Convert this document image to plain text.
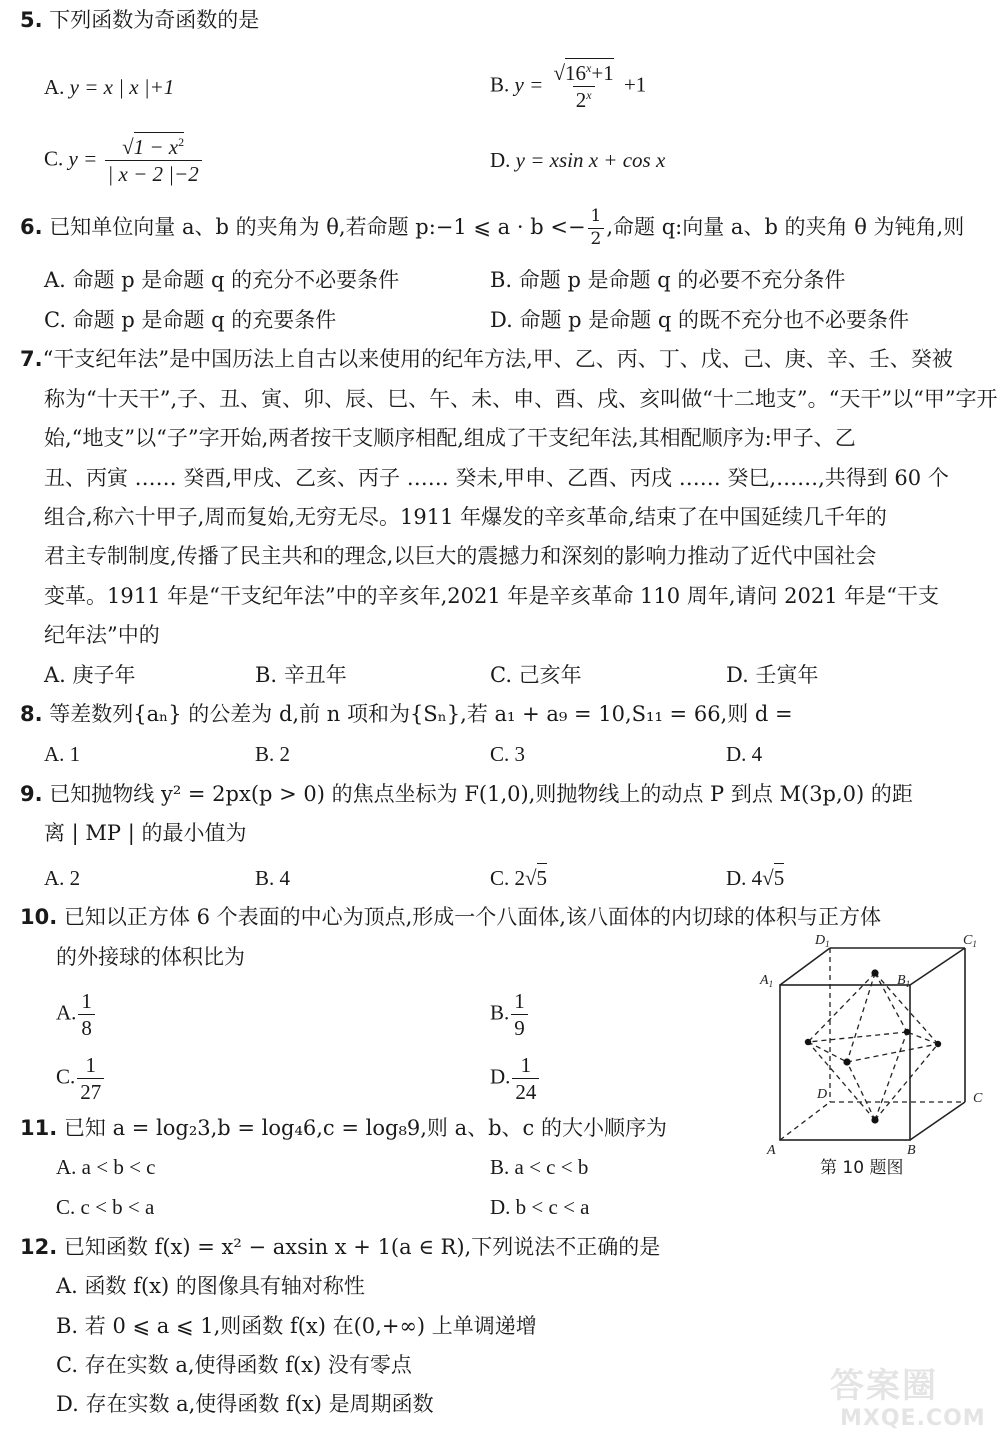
5. 下列函数为奇函数的是
A. y = x | x |+1	B. $y = \frac{√16^x+1}{2^x} +1$
C. $y = \frac{√1 - x^2}{| x - 2 |-2}$	D. y = xsin x + cos x
6. 已知单位向量 a、b 的夹角为 θ,若命题 p:−1 ⩽ $a \cdot b <- \frac{1}{2}$ ,命题 q:向量 a、b 的夹角 θ 为钝角,则
A. 命题 p 是命题 q 的充分不必要条件	B. 命题 p 是命题 q 的必要不充分条件
C. 命题 p 是命题 q 的充要条件	D. 命题 p 是命题 q 的既不充分也不必要条件
7.“干支纪年法”是中国历法上自古以来使用的纪年方法,甲、乙、丙、丁、戊、己、庚、辛、壬、癸被
称为“十天干”,子、丑、寅、卯、辰、巳、午、未、申、酉、戌、亥叫做“十二地支”。“天干”以“甲”字开
始,“地支”以“子”字开始,两者按干支顺序相配,组成了干支纪年法,其相配顺序为:甲子、乙
丑、丙寅 …… 癸酉,甲戌、乙亥、丙子 …… 癸未,甲申、乙酉、丙戌 …… 癸巳,……,共得到 60 个
组合,称六十甲子,周而复始,无穷无尽。1911 年爆发的辛亥革命,结束了在中国延续几千年的
君主专制制度,传播了民主共和的理念,以巨大的震撼力和深刻的影响力推动了近代中国社会
变革。1911 年是“干支纪年法”中的辛亥年,2021 年是辛亥革命 110 周年,请问 2021 年是“干支
纪年法”中的
A. 庚子年	B. 辛丑年	C. 己亥年	D. 壬寅年
8. 等差数列{aₙ} 的公差为 d,前 n 项和为{Sₙ},若 a₁ + a₉ = 10,S₁₁ = 66,则 d =
A. 1	B. 2	C. 3	D. 4
9. 已知抛物线 y² = 2px(p > 0) 的焦点坐标为 F(1,0),则抛物线上的动点 P 到点 M(3p,0) 的距
离 | MP | 的最小值为
A. 2	B. 4	C. 2√5	D. 4√5
10. 已知以正方体 6 个表面的中心为顶点,形成一个八面体,该八面体的内切球的体积与正方体
的外接球的体积比为
A. $\frac{1}{8}$	B. $\frac{1}{9}$
C. $\frac{1}{27}$	D. $\frac{1}{24}$
$D_1$	$C_1$
$A_1$	$B_1$
D	C
A	B
第 10 题图
11. 已知 a = log₂3,b = log₄6,c = log₈9,则 a、b、c 的大小顺序为
A. a < b < c	B. a < c < b
C. c < b < a	D. b < c < a
12. 已知函数 f(x) = x² − axsin x + 1(a ∈ R),下列说法不正确的是
A. 函数 f(x) 的图像具有轴对称性
B. 若 0 ⩽ a ⩽ 1,则函数 f(x) 在(0,+∞) 上单调递增
C. 存在实数 a,使得函数 f(x) 没有零点
D. 存在实数 a,使得函数 f(x) 是周期函数	答案圈
MXQE.COM
